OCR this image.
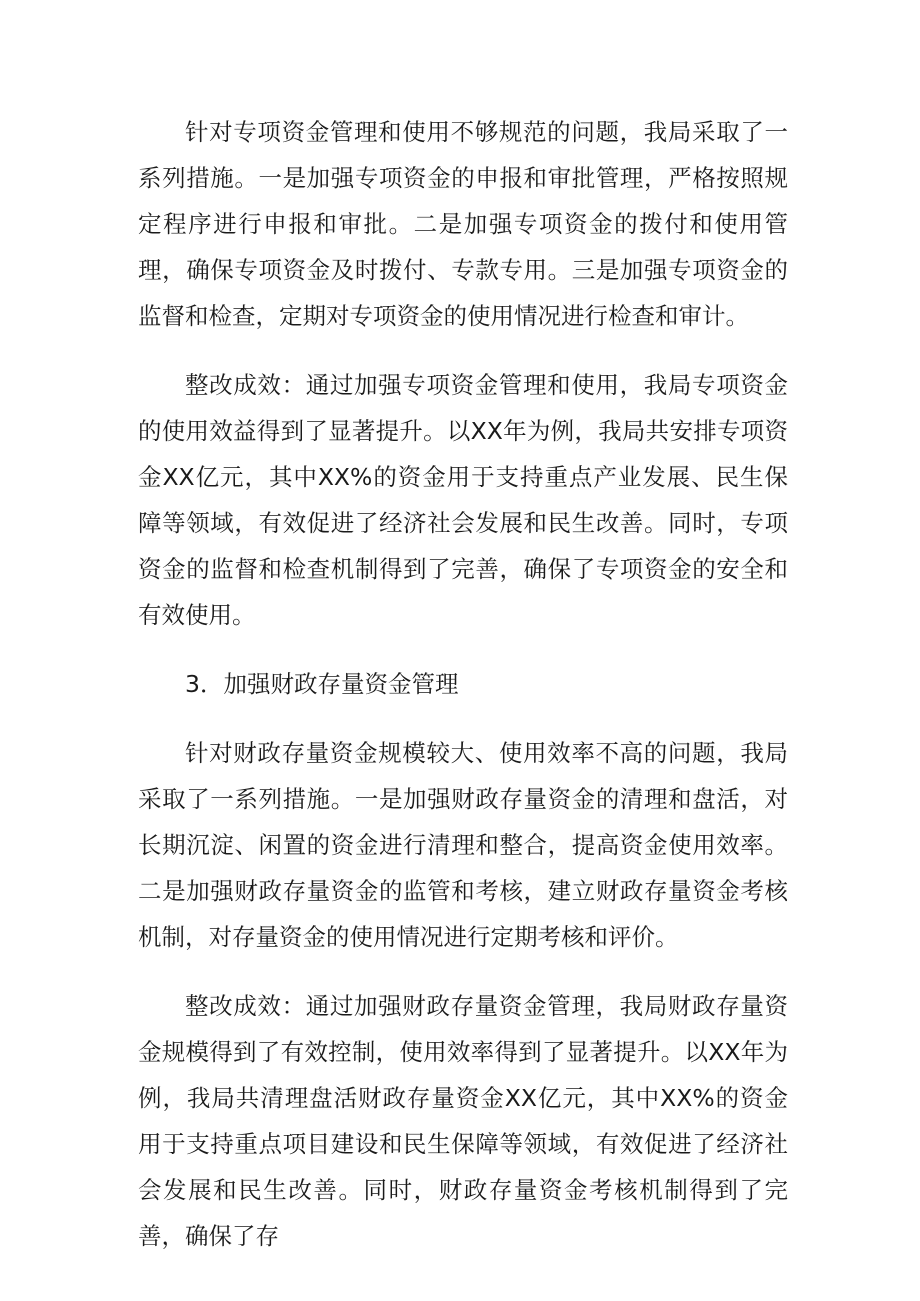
针对专项资金管理和使用不够规范的问题，我局采取了一系列措施。一是加强专项资金的申报和审批管理，严格按照规定程序进行申报和审批。二是加强专项资金的拨付和使用管理，确保专项资金及时拨付、专款专用。三是加强专项资金的监督和检查，定期对专项资金的使用情况进行检查和审计。

整改成效：通过加强专项资金管理和使用，我局专项资金的使用效益得到了显著提升。以XX年为例，我局共安排专项资金XX亿元，其中XX%的资金用于支持重点产业发展、民生保障等领域，有效促进了经济社会发展和民生改善。同时，专项资金的监督和检查机制得到了完善，确保了专项资金的安全和有效使用。

3．加强财政存量资金管理

针对财政存量资金规模较大、使用效率不高的问题，我局采取了一系列措施。一是加强财政存量资金的清理和盘活，对长期沉淀、闲置的资金进行清理和整合，提高资金使用效率。二是加强财政存量资金的监管和考核，建立财政存量资金考核机制，对存量资金的使用情况进行定期考核和评价。

整改成效：通过加强财政存量资金管理，我局财政存量资金规模得到了有效控制，使用效率得到了显著提升。以XX年为例，我局共清理盘活财政存量资金XX亿元，其中XX%的资金用于支持重点项目建设和民生保障等领域，有效促进了经济社会发展和民生改善。同时，财政存量资金考核机制得到了完善，确保了存
